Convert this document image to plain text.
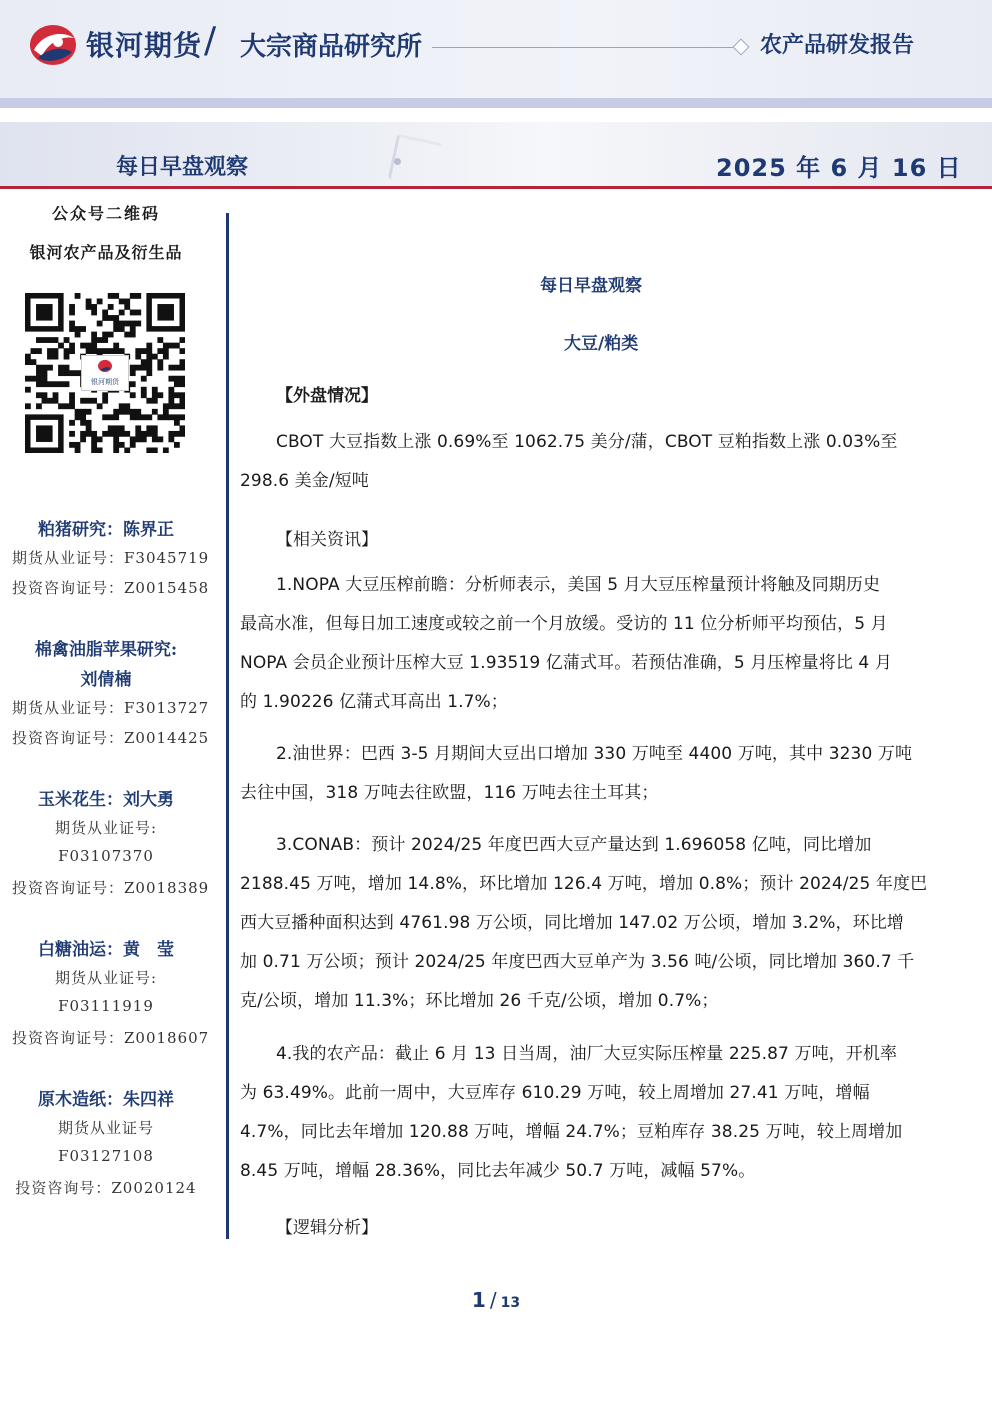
银河期货 / 大宗商品研究所	农产品研发报告
每日早盘观察	2025 年 6 月 16 日
公众号二维码
银河农产品及衍生品
银河期货
粕猪研究：陈界正
期货从业证号：F3045719
投资咨询证号：Z0015458
棉禽油脂苹果研究:
刘倩楠
期货从业证号：F3013727
投资咨询证号：Z0014425
玉米花生：刘大勇
期货从业证号:
F03107370
投资咨询证号：Z0018389
白糖油运：黄　莹
期货从业证号:
F03111919
投资咨询证号：Z0018607
原木造纸：朱四祥
期货从业证号
F03127108
投资咨询号：Z0020124
每日早盘观察
大豆/粕类
【外盘情况】
CBOT 大豆指数上涨 0.69%至 1062.75 美分/蒲，CBOT 豆粕指数上涨 0.03%至
298.6 美金/短吨
【相关资讯】
1.NOPA 大豆压榨前瞻：分析师表示，美国 5 月大豆压榨量预计将触及同期历史
最高水准，但每日加工速度或较之前一个月放缓。受访的 11 位分析师平均预估，5 月
NOPA 会员企业预计压榨大豆 1.93519 亿蒲式耳。若预估准确，5 月压榨量将比 4 月
的 1.90226 亿蒲式耳高出 1.7%；
2.油世界：巴西 3-5 月期间大豆出口增加 330 万吨至 4400 万吨，其中 3230 万吨
去往中国，318 万吨去往欧盟，116 万吨去往土耳其；
3.CONAB：预计 2024/25 年度巴西大豆产量达到 1.696058 亿吨，同比增加
2188.45 万吨，增加 14.8%，环比增加 126.4 万吨，增加 0.8%；预计 2024/25 年度巴
西大豆播种面积达到 4761.98 万公顷，同比增加 147.02 万公顷，增加 3.2%，环比增
加 0.71 万公顷；预计 2024/25 年度巴西大豆单产为 3.56 吨/公顷，同比增加 360.7 千
克/公顷，增加 11.3%；环比增加 26 千克/公顷，增加 0.7%；
4.我的农产品：截止 6 月 13 日当周，油厂大豆实际压榨量 225.87 万吨，开机率
为 63.49%。此前一周中，大豆库存 610.29 万吨，较上周增加 27.41 万吨，增幅
4.7%，同比去年增加 120.88 万吨，增幅 24.7%；豆粕库存 38.25 万吨，较上周增加
8.45 万吨，增幅 28.36%，同比去年减少 50.7 万吨，减幅 57%。
【逻辑分析】
1 / 13
